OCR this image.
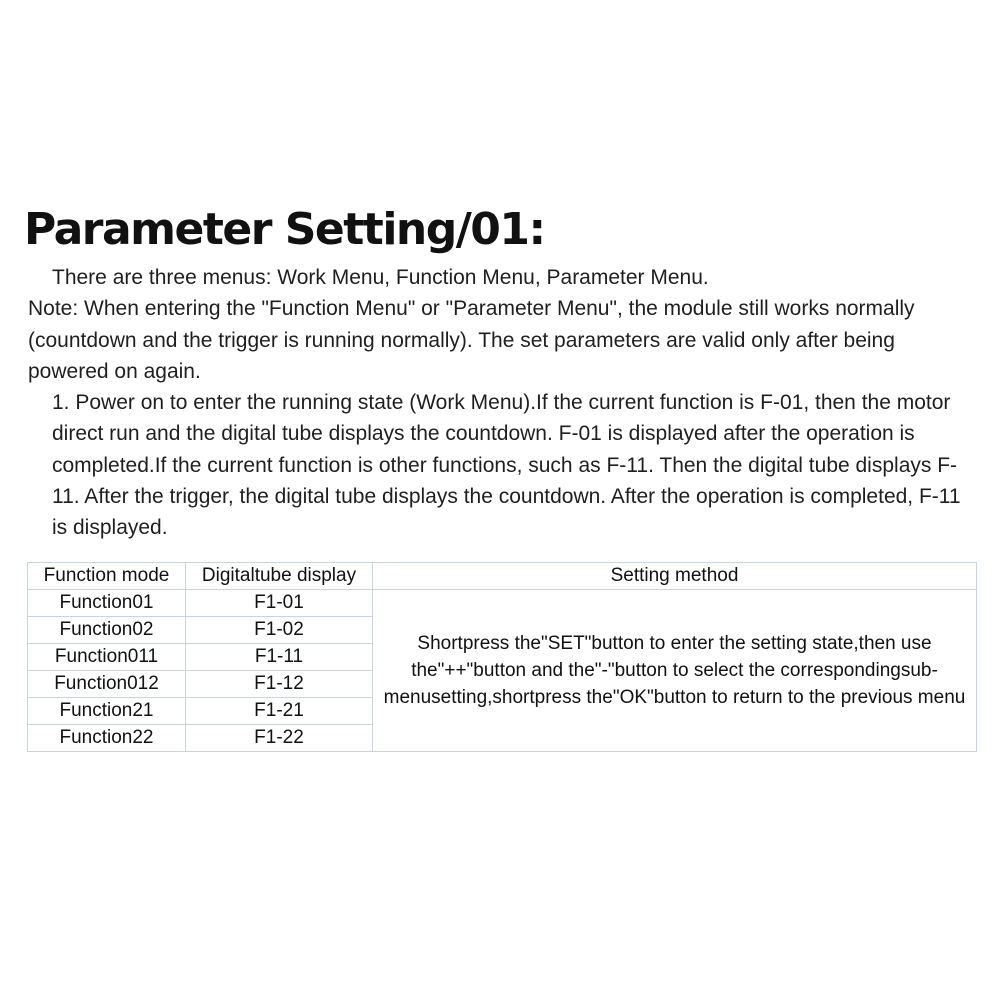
Parameter Setting/01:

There are three menus: Work Menu, Function Menu, Parameter Menu.

Note: When entering the "Function Menu" or "Parameter Menu", the module still works normally (countdown and the trigger is running normally). The set parameters are valid only after being powered on again.

1. Power on to enter the running state (Work Menu).If the current function is F-01, then the motor direct run and the digital tube displays the countdown. F-01 is displayed after the operation is completed.If the current function is other functions, such as F-11. Then the digital tube displays F-11. After the trigger, the digital tube displays the countdown. After the operation is completed, F-11 is displayed.

Function mode	Digitaltube display	Setting method
Function01	F1-01	Shortpress the"SET"button to enter the setting state,then use the"++"button and the"-"button to select the correspondingsub-menusetting,shortpress the"OK"button to return to the previous menu
Function02	F1-02	
Function011	F1-11	
Function012	F1-12	
Function21	F1-21	
Function22	F1-22	
